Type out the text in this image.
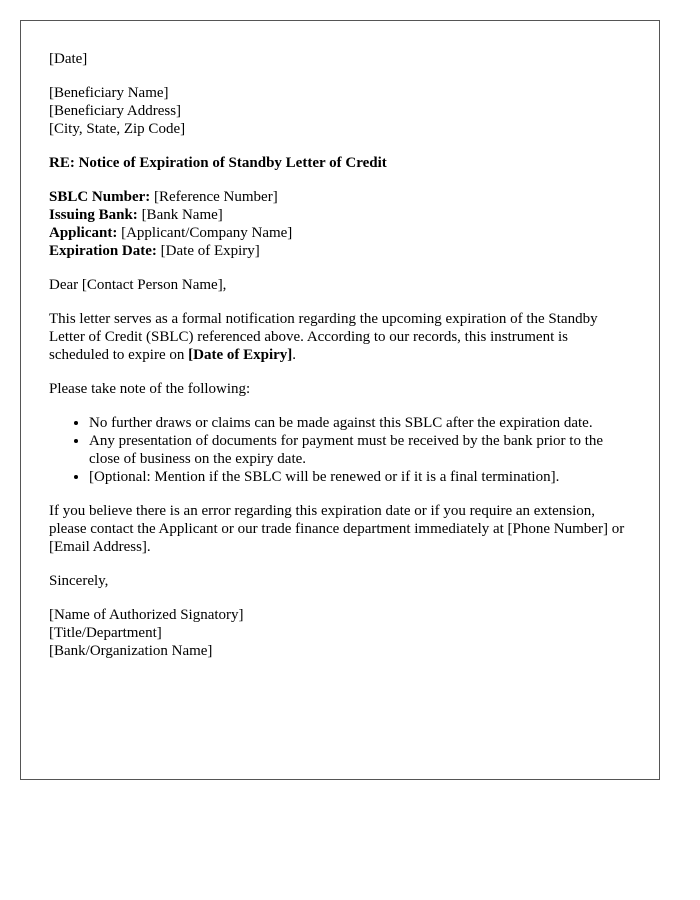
[Date]

[Beneficiary Name]
[Beneficiary Address]
[City, State, Zip Code]

RE: Notice of Expiration of Standby Letter of Credit

SBLC Number: [Reference Number]
Issuing Bank: [Bank Name]
Applicant: [Applicant/Company Name]
Expiration Date: [Date of Expiry]

Dear [Contact Person Name],

This letter serves as a formal notification regarding the upcoming expiration of the Standby Letter of Credit (SBLC) referenced above. According to our records, this instrument is scheduled to expire on [Date of Expiry].

Please take note of the following:

• No further draws or claims can be made against this SBLC after the expiration date.
• Any presentation of documents for payment must be received by the bank prior to the close of business on the expiry date.
• [Optional: Mention if the SBLC will be renewed or if it is a final termination].

If you believe there is an error regarding this expiration date or if you require an extension, please contact the Applicant or our trade finance department immediately at [Phone Number] or [Email Address].

Sincerely,

[Name of Authorized Signatory]
[Title/Department]
[Bank/Organization Name]
